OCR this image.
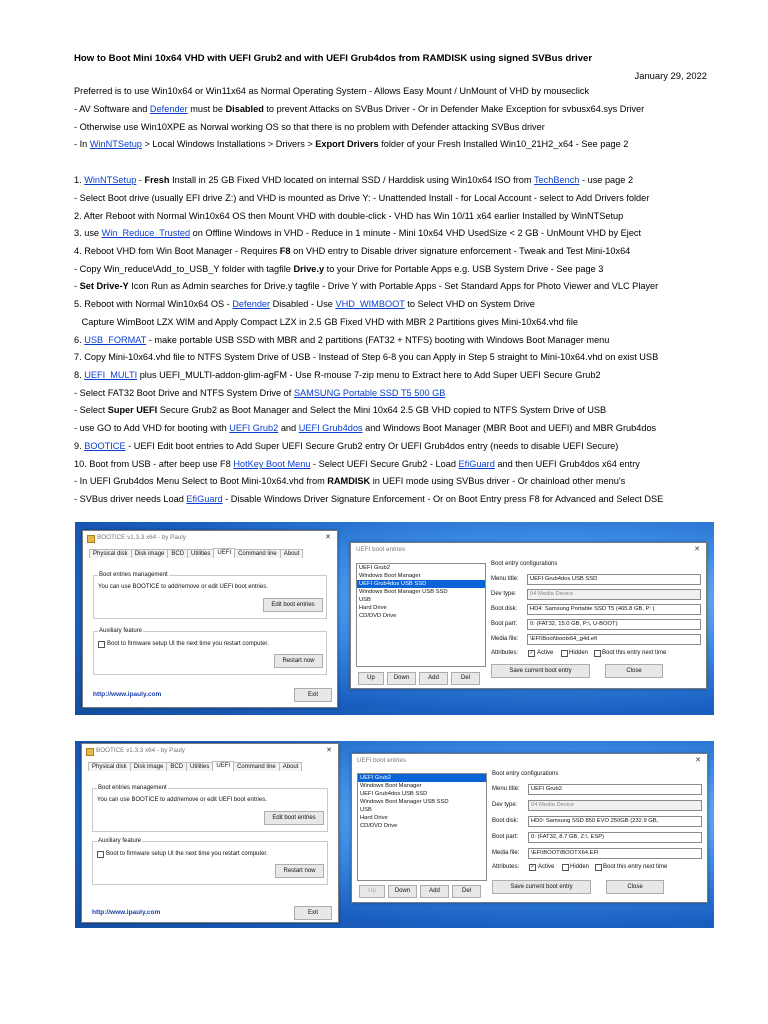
How to Boot Mini 10x64 VHD with UEFI Grub2 and with UEFI Grub4dos from RAMDISK using signed SVBus driver
January 29, 2022
Preferred is to use Win10x64 or Win11x64 as Normal Operating System - Allows Easy Mount / UnMount of VHD by mouseclick
- AV Software and Defender must be Disabled to prevent Attacks on SVBus Driver - Or in Defender Make Exception for svbusx64.sys Driver
- Otherwise use Win10XPE as Norwal working OS so that there is no problem with Defender attacking SVBus driver
- In WinNTSetup > Local Windows Installations > Drivers > Export Drivers folder of your Fresh Installed Win10_21H2_x64 - See page 2
1. WinNTSetup - Fresh Install in 25 GB Fixed VHD located on internal SSD / Harddisk using Win10x64 ISO from TechBench - use page 2
- Select Boot drive (usually EFI drive Z:) and VHD is mounted as Drive Y: - Unattended Install - for Local Account - select to Add Drivers folder
2. After Reboot with Normal Win10x64 OS then Mount VHD with double-click - VHD has Win 10/11 x64 earlier Installed by WinNTSetup
3. use Win_Reduce_Trusted on Offline Windows in VHD - Reduce in 1 minute - Mini 10x64 VHD UsedSize < 2 GB - UnMount VHD by Eject
4. Reboot VHD fom Win Boot Manager - Requires F8 on VHD entry to Disable driver signature enforcement - Tweak and Test Mini-10x64
- Copy Win_reduce\Add_to_USB_Y folder with tagfile Drive.y to your Drive for Portable Apps e.g. USB System Drive - See page 3
- Set Drive-Y Icon Run as Admin searches for Drive.y tagfile - Drive Y with Portable Apps - Set Standard Apps for Photo Viewer and VLC Player
5. Reboot with Normal Win10x64 OS - Defender Disabled - Use VHD_WIMBOOT to Select VHD on System Drive
Capture WimBoot LZX WIM and Apply Compact LZX in 2.5 GB Fixed VHD with MBR 2 Partitions gives Mini-10x64.vhd file
6. USB_FORMAT - make portable USB SSD with MBR and 2 partitions (FAT32 + NTFS) booting with Windows Boot Manager menu
7. Copy Mini-10x64.vhd file to NTFS System Drive of USB - Instead of Step 6-8 you can Apply in Step 5 straight to Mini-10x64.vhd on exist USB
8. UEFI_MULTI plus UEFI_MULTI-addon-glim-agFM - Use R-mouse 7-zip menu to Extract here to Add Super UEFI Secure Grub2
- Select FAT32 Boot Drive and NTFS System Drive of SAMSUNG Portable SSD T5 500 GB
- Select Super UEFI Secure Grub2 as Boot Manager and Select the Mini 10x64 2.5 GB VHD copied to NTFS System Drive of USB
- use GO to Add VHD for booting with UEFI Grub2 and UEFI Grub4dos and Windows Boot Manager (MBR Boot and UEFI) and MBR Grub4dos
9. BOOTICE - UEFI Edit boot entries to Add Super UEFI Secure Grub2 entry Or UEFI Grub4dos entry (needs to disable UEFI Secure)
10. Boot from USB - after beep use F8 HotKey Boot Menu - Select UEFI Secure Grub2 - Load EfiGuard and then UEFI Grub4dos x64 entry
- In UEFI Grub4dos Menu Select to Boot Mini-10x64.vhd from RAMDISK in UEFI mode using SVBus driver - Or chainload other menu's
- SVBus driver needs Load EfiGuard - Disable Windows Driver Signature Enforcement - Or on Boot Entry press F8 for Advanced and Select DSE
BOOTICE v1.3.3 x64 - by Pauly	✕
Physical disk Disk image BCD Utilities UEFI Command line About
Boot entries management
You can use BOOTICE to add/remove or edit UEFI boot entries.
Edit boot entries
Auxiliary feature
Boot to firmware setup UI the next time you restart computer.
Restart now
http://www.ipauly.com	Exit
UEFI boot entries	✕
UEFI Grub2
Windows Boot Manager
UEFI Grub4dos USB SSD
Windows Boot Manager USB SSD
USB
Hard Drive
CD/DVD Drive
Up	Down	Add	Del
Boot entry configurations
Menu title:	UEFI Grub4dos USB SSD
Dev type:	04 Media Device
Boot disk:	HD4: Samsung Portable SSD T5 (465.8 GB, P: (
Boot part:	0: (FAT32, 15.0 GB, P:\, U-BOOT)
Media file:	\EFI\Boot\bootx64_g4d.efi
Attributes: ✓ Active	Hidden Boot this entry next time
Save current boot entry	Close
BOOTICE v1.3.3 x64 - by Pauly	✕
Physical disk Disk image BCD Utilities UEFI Command line About
Boot entries management
You can use BOOTICE to add/remove or edit UEFI boot entries.
Edit boot entries
Auxiliary feature
Boot to firmware setup UI the next time you restart computer.
Restart now
http://www.ipauly.com	Exit
UEFI boot entries	✕
UEFI Grub2
Windows Boot Manager
UEFI Grub4dos USB SSD
Windows Boot Manager USB SSD
USB
Hard Drive
CD/DVD Drive
Up	Down	Add	Del
Boot entry configurations
Menu title:	UEFI Grub2
Dev type:	04 Media Device
Boot disk:	HD0: Samsung SSD 850 EVO 250GB (232.9 GB,
Boot part:	0: (FAT32, 8.7 GB, Z:\, ESP)
Media file:	\EFI\BOOT\BOOTX64.EFI
Attributes: ✓ Active	Hidden Boot this entry next time
Save current boot entry	Close
